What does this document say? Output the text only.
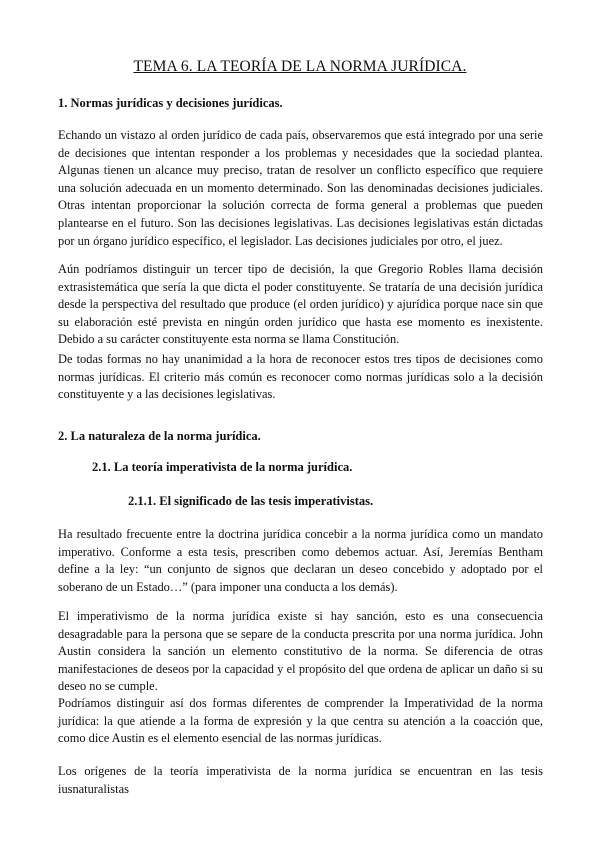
TEMA 6. LA TEORÍA DE LA NORMA JURÍDICA.
1. Normas jurídicas y decisiones jurídicas.

Echando un vistazo al orden jurídico de cada país, observaremos que está integrado por una serie de decisiones que intentan responder a los problemas y necesidades que la sociedad plantea. Algunas tienen un alcance muy preciso, tratan de resolver un conflicto específico que requiere una solución adecuada en un momento determinado. Son las denominadas decisiones judiciales. Otras intentan proporcionar la solución correcta de forma general a problemas que pueden plantearse en el futuro. Son las decisiones legislativas. Las decisiones legislativas están dictadas por un órgano jurídico específico, el legislador. Las decisiones judiciales por otro, el juez.

Aún podríamos distinguir un tercer tipo de decisión, la que Gregorio Robles llama decisión extrasistemática que sería la que dicta el poder constituyente. Se trataría de una decisión jurídica desde la perspectiva del resultado que produce (el orden jurídico) y ajurídica porque nace sin que su elaboración esté prevista en ningún orden jurídico que hasta ese momento es inexistente. Debido a su carácter constituyente esta norma se llama Constitución.

De todas formas no hay unanimidad a la hora de reconocer estos tres tipos de decisiones como normas jurídicas. El criterio más común es reconocer como normas jurídicas solo a la decisión constituyente y a las decisiones legislativas.

2. La naturaleza de la norma jurídica.
2.1. La teoría imperativista de la norma jurídica.
2.1.1. El significado de las tesis imperativistas.

Ha resultado frecuente entre la doctrina jurídica concebir a la norma jurídica como un mandato imperativo. Conforme a esta tesis, prescriben como debemos actuar. Así, Jeremías Bentham define a la ley: “un conjunto de signos que declaran un deseo concebido y adoptado por el soberano de un Estado…” (para imponer una conducta a los demás).

El imperativismo de la norma jurídica existe si hay sanción, esto es una consecuencia desagradable para la persona que se separe de la conducta prescrita por una norma jurídica. John Austin considera la sanción un elemento constitutivo de la norma. Se diferencia de otras manifestaciones de deseos por la capacidad y el propósito del que ordena de aplicar un daño si su deseo no se cumple.

Podríamos distinguir así dos formas diferentes de comprender la Imperatividad de la norma jurídica: la que atiende a la forma de expresión y la que centra su atención a la coacción que, como dice Austin es el elemento esencial de las normas jurídicas.

Los orígenes de la teoría imperativista de la norma jurídica se encuentran en las tesis iusnaturalistas
